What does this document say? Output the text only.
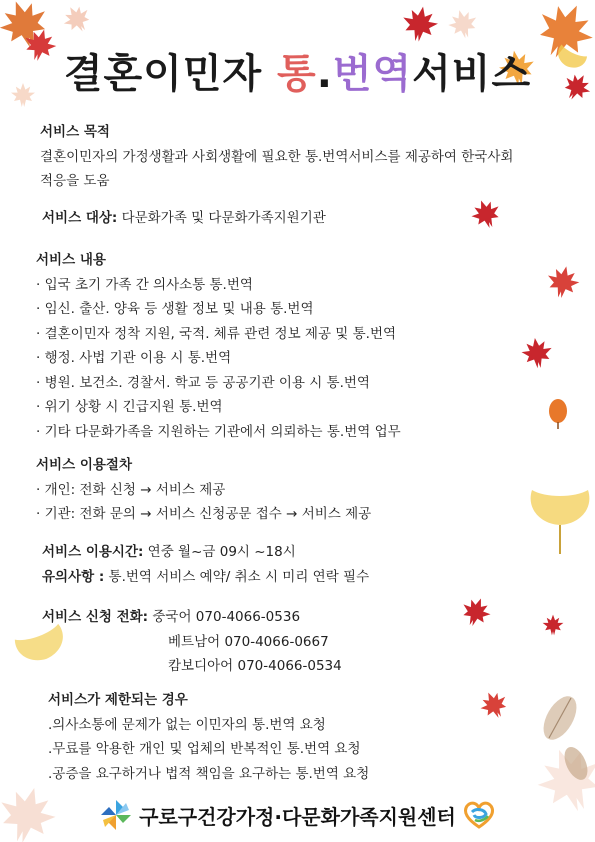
결혼이민자 통.번역서비스
서비스 목적
결혼이민자의 가정생활과 사회생활에 필요한 통.번역서비스를 제공하여 한국사회
적응을 도움
서비스 대상: 다문화가족 및 다문화가족지원기관
서비스 내용
· 입국 초기 가족 간 의사소통 통.번역
· 임신. 출산. 양육 등 생활 정보 및 내용 통.번역
· 결혼이민자 정착 지원, 국적. 체류 관련 정보 제공 및 통.번역
· 행정. 사법 기관 이용 시 통.번역
· 병원. 보건소. 경찰서. 학교 등 공공기관 이용 시 통.번역
· 위기 상황 시 긴급지원 통.번역
· 기타 다문화가족을 지원하는 기관에서 의뢰하는 통.번역 업무
서비스 이용절차
· 개인: 전화 신청 → 서비스 제공
· 기관: 전화 문의 → 서비스 신청공문 접수 → 서비스 제공
서비스 이용시간: 연중 월~금 09시 ~18시
유의사항 : 통.번역 서비스 예약/ 취소 시 미리 연락 필수
서비스 신청 전화: 중국어 070-4066-0536
베트남어 070-4066-0667
캄보디아어 070-4066-0534
서비스가 제한되는 경우
.의사소통에 문제가 없는 이민자의 통.번역 요청
.무료를 악용한 개인 및 업체의 반복적인 통.번역 요청
.공증을 요구하거나 법적 책임을 요구하는 통.번역 요청
구로구건강가정·다문화가족지원센터
